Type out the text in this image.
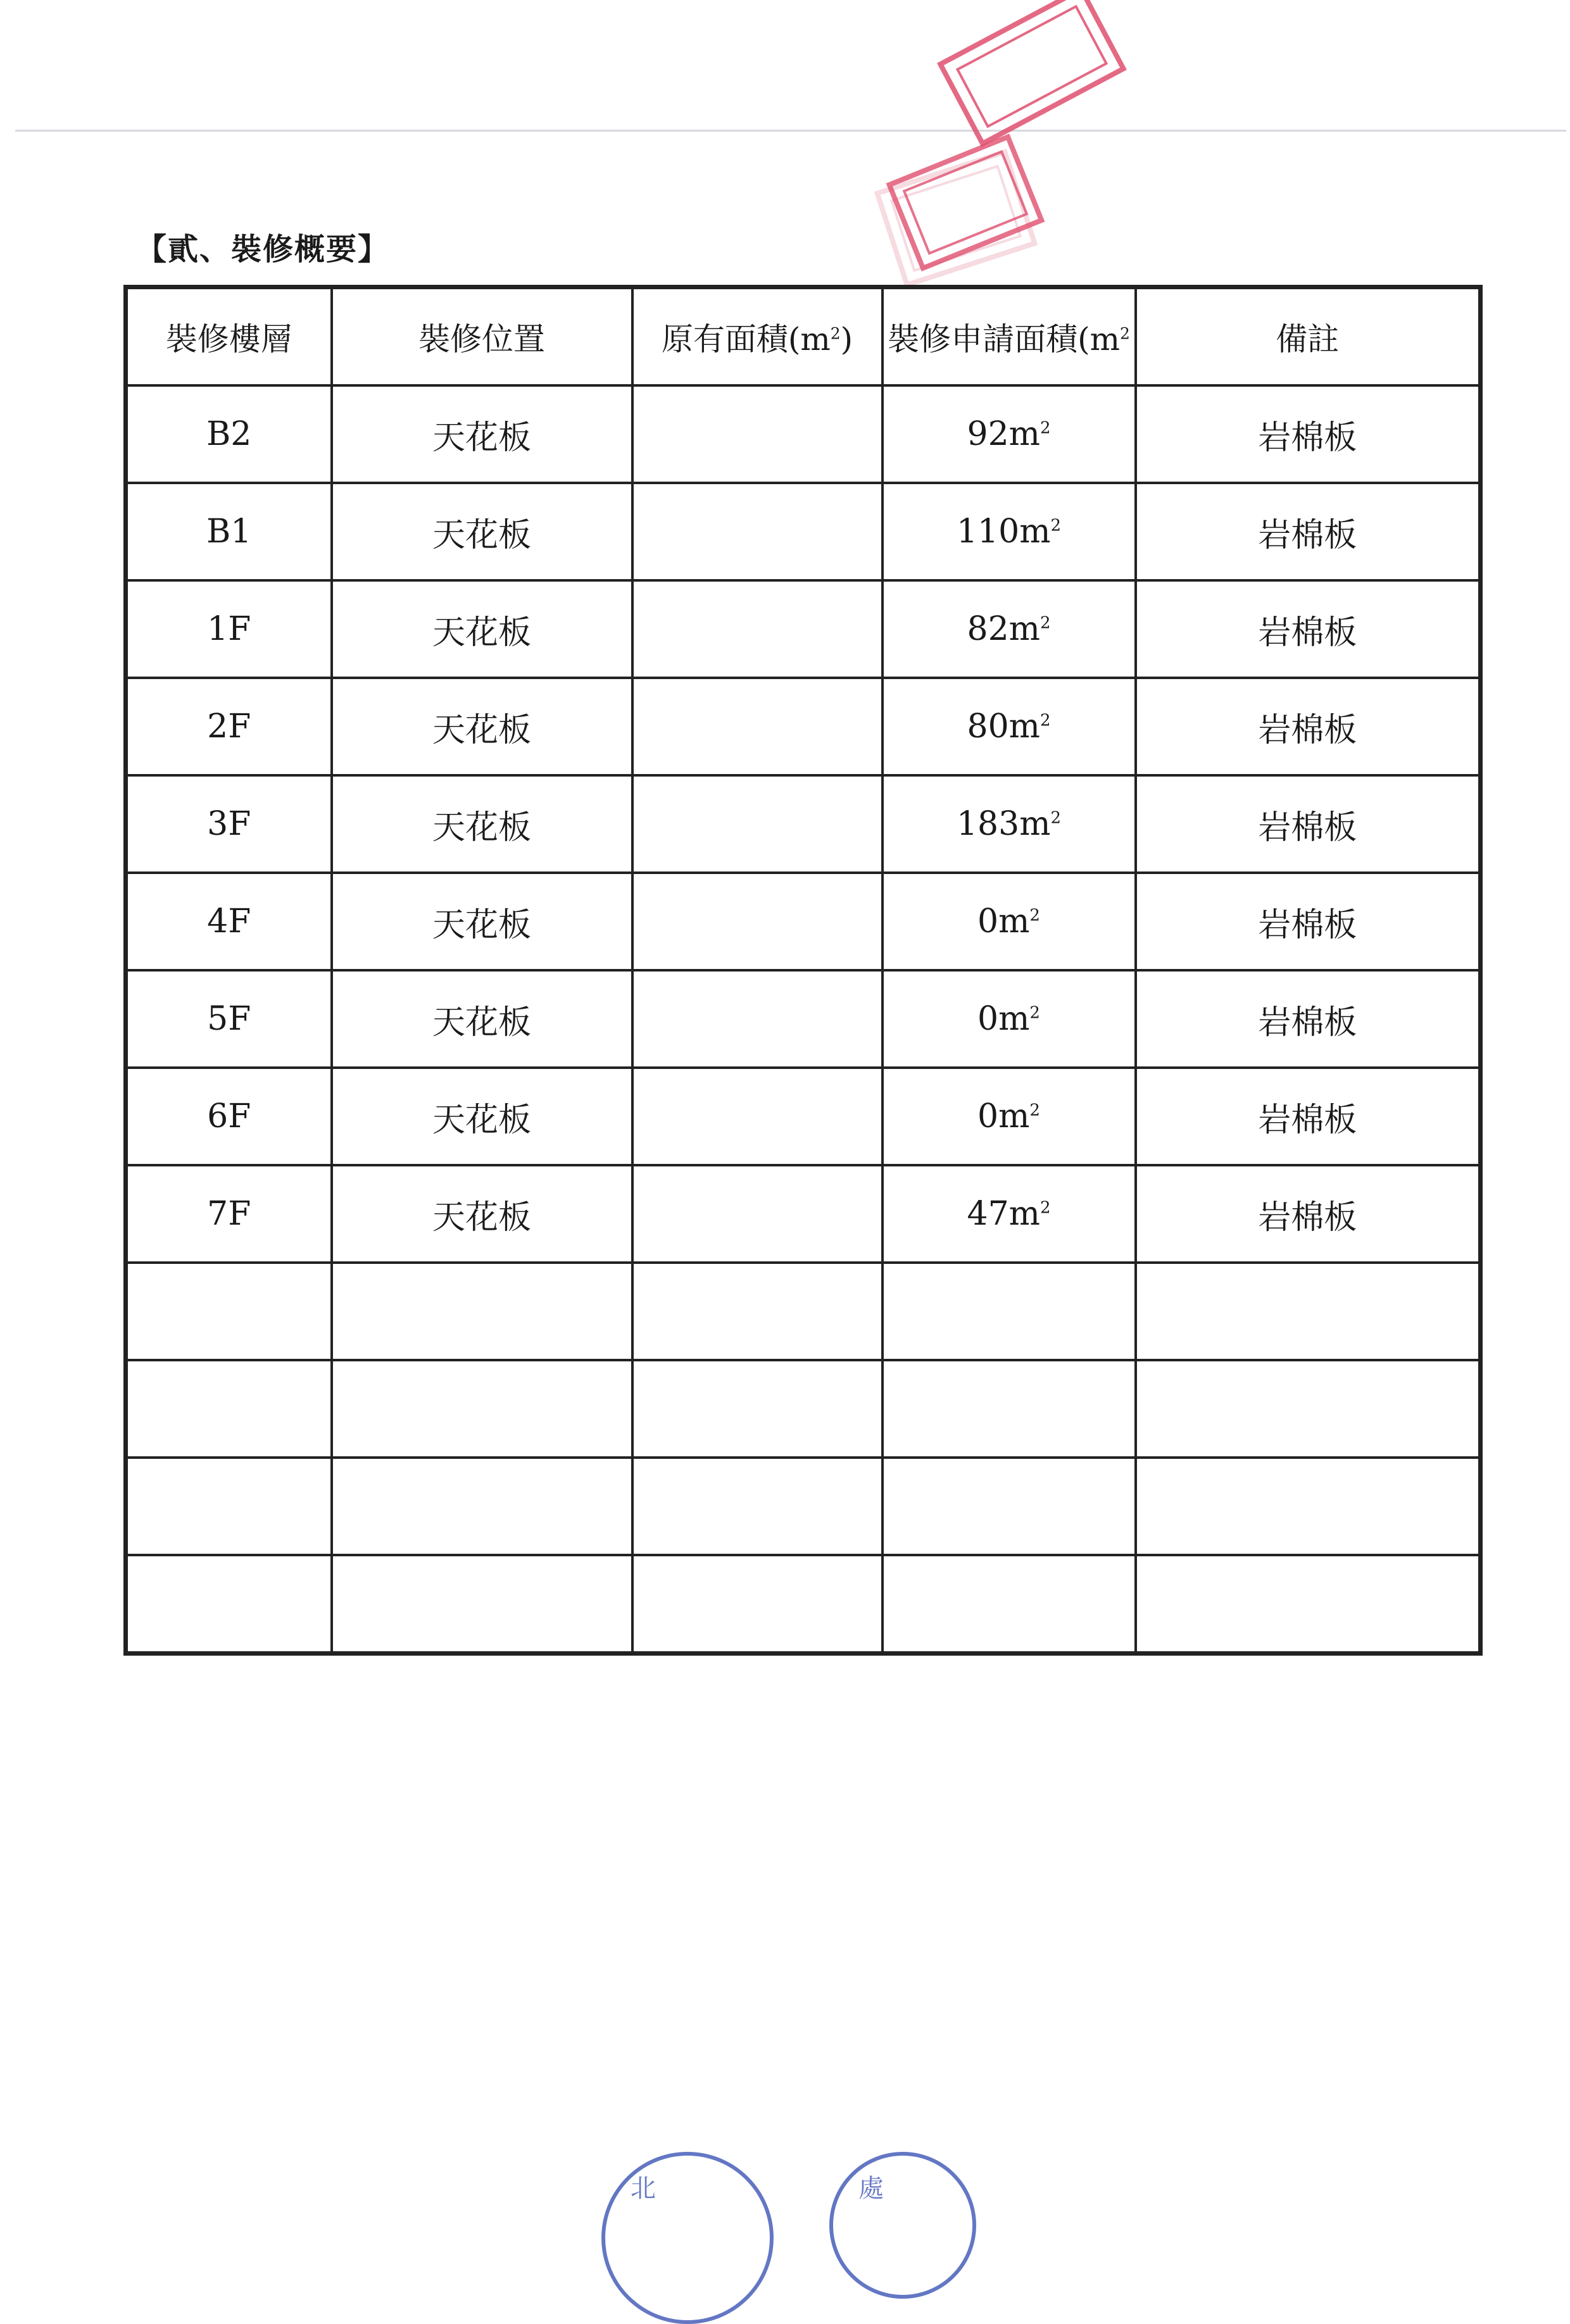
【貳、裝修概要】
裝修樓層	裝修位置	原有面積$(m^2)$	裝修申請面積($m^2$	備註
B2	天花板		$92m^2$	岩棉板
B1	天花板		$110m^2$	岩棉板
1F	天花板		$82m^2$	岩棉板
2F	天花板		$80m^2$	岩棉板
3F	天花板		$183m^2$	岩棉板
4F	天花板		$0m^2$	岩棉板
5F	天花板		$0m^2$	岩棉板
6F	天花板		$0m^2$	岩棉板
7F	天花板		$47m^2$	岩棉板

北	處
